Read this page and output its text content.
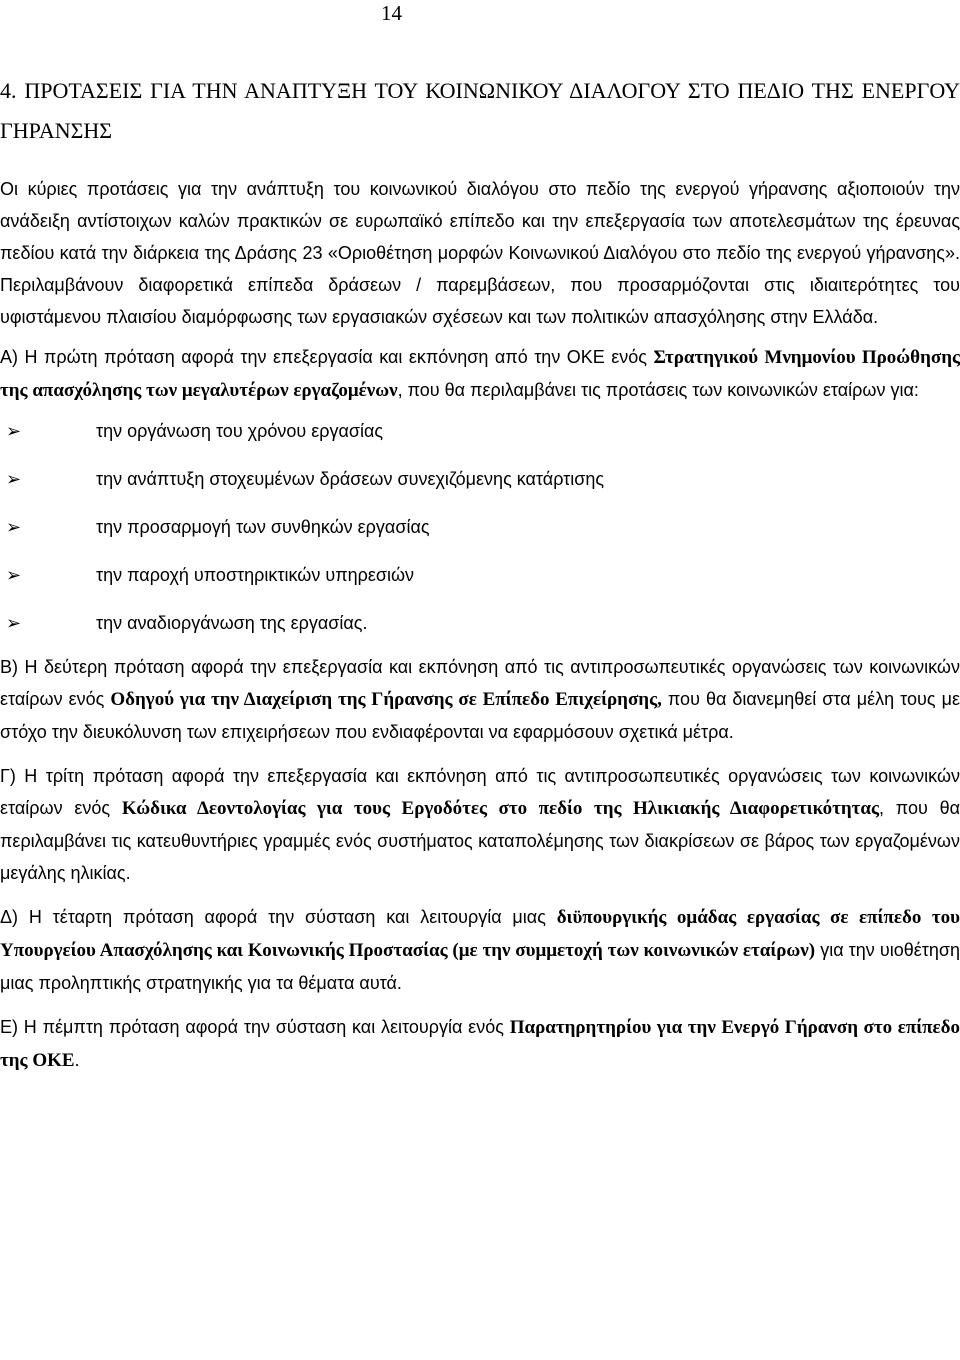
14
4. ΠΡΟΤΑΣΕΙΣ ΓΙΑ ΤΗΝ ΑΝΑΠΤΥΞΗ ΤΟΥ ΚΟΙΝΩΝΙΚΟΥ ΔΙΑΛΟΓΟΥ ΣΤΟ ΠΕΔΙΟ ΤΗΣ ΕΝΕΡΓΟΥ ΓΗΡΑΝΣΗΣ

Οι κύριες προτάσεις για την ανάπτυξη του κοινωνικού διαλόγου στο πεδίο της ενεργού γήρανσης αξιοποιούν την ανάδειξη αντίστοιχων καλών πρακτικών σε ευρωπαϊκό επίπεδο και την επεξεργασία των αποτελεσμάτων της έρευνας πεδίου κατά την διάρκεια της Δράσης 23 «Οριοθέτηση μορφών Κοινωνικού Διαλόγου στο πεδίο της ενεργού γήρανσης». Περιλαμβάνουν διαφορετικά επίπεδα δράσεων / παρεμβάσεων, που προσαρμόζονται στις ιδιαιτερότητες του υφιστάμενου πλαισίου διαμόρφωσης των εργασιακών σχέσεων και των πολιτικών απασχόλησης στην Ελλάδα.

Α) Η πρώτη πρόταση αφορά την επεξεργασία και εκπόνηση από την ΟΚΕ ενός Στρατηγικού Μνημονίου Προώθησης της απασχόλησης των μεγαλυτέρων εργαζομένων, που θα περιλαμβάνει τις προτάσεις των κοινωνικών εταίρων για:

➢	την οργάνωση του χρόνου εργασίας
➢	την ανάπτυξη στοχευμένων δράσεων συνεχιζόμενης κατάρτισης
➢	την προσαρμογή των συνθηκών εργασίας
➢	την παροχή υποστηρικτικών υπηρεσιών
➢	την αναδιοργάνωση της εργασίας.

Β) Η δεύτερη πρόταση αφορά την επεξεργασία και εκπόνηση από τις αντιπροσωπευτικές οργανώσεις των κοινωνικών εταίρων ενός Οδηγού για την Διαχείριση της Γήρανσης σε Επίπεδο Επιχείρησης, που θα διανεμηθεί στα μέλη τους με στόχο την διευκόλυνση των επιχειρήσεων που ενδιαφέρονται να εφαρμόσουν σχετικά μέτρα.

Γ) Η τρίτη πρόταση αφορά την επεξεργασία και εκπόνηση από τις αντιπροσωπευτικές οργανώσεις των κοινωνικών εταίρων ενός Κώδικα Δεοντολογίας για τους Εργοδότες στο πεδίο της Ηλικιακής Διαφορετικότητας, που θα περιλαμβάνει τις κατευθυντήριες γραμμές ενός συστήματος καταπολέμησης των διακρίσεων σε βάρος των εργαζομένων μεγάλης ηλικίας.

Δ) Η τέταρτη πρόταση αφορά την σύσταση και λειτουργία μιας διϋπουργικής ομάδας εργασίας σε επίπεδο του Υπουργείου Απασχόλησης και Κοινωνικής Προστασίας (με την συμμετοχή των κοινωνικών εταίρων) για την υιοθέτηση μιας προληπτικής στρατηγικής για τα θέματα αυτά.

Ε) Η πέμπτη πρόταση αφορά την σύσταση και λειτουργία ενός Παρατηρητηρίου για την Ενεργό Γήρανση στο επίπεδο της ΟΚΕ.
